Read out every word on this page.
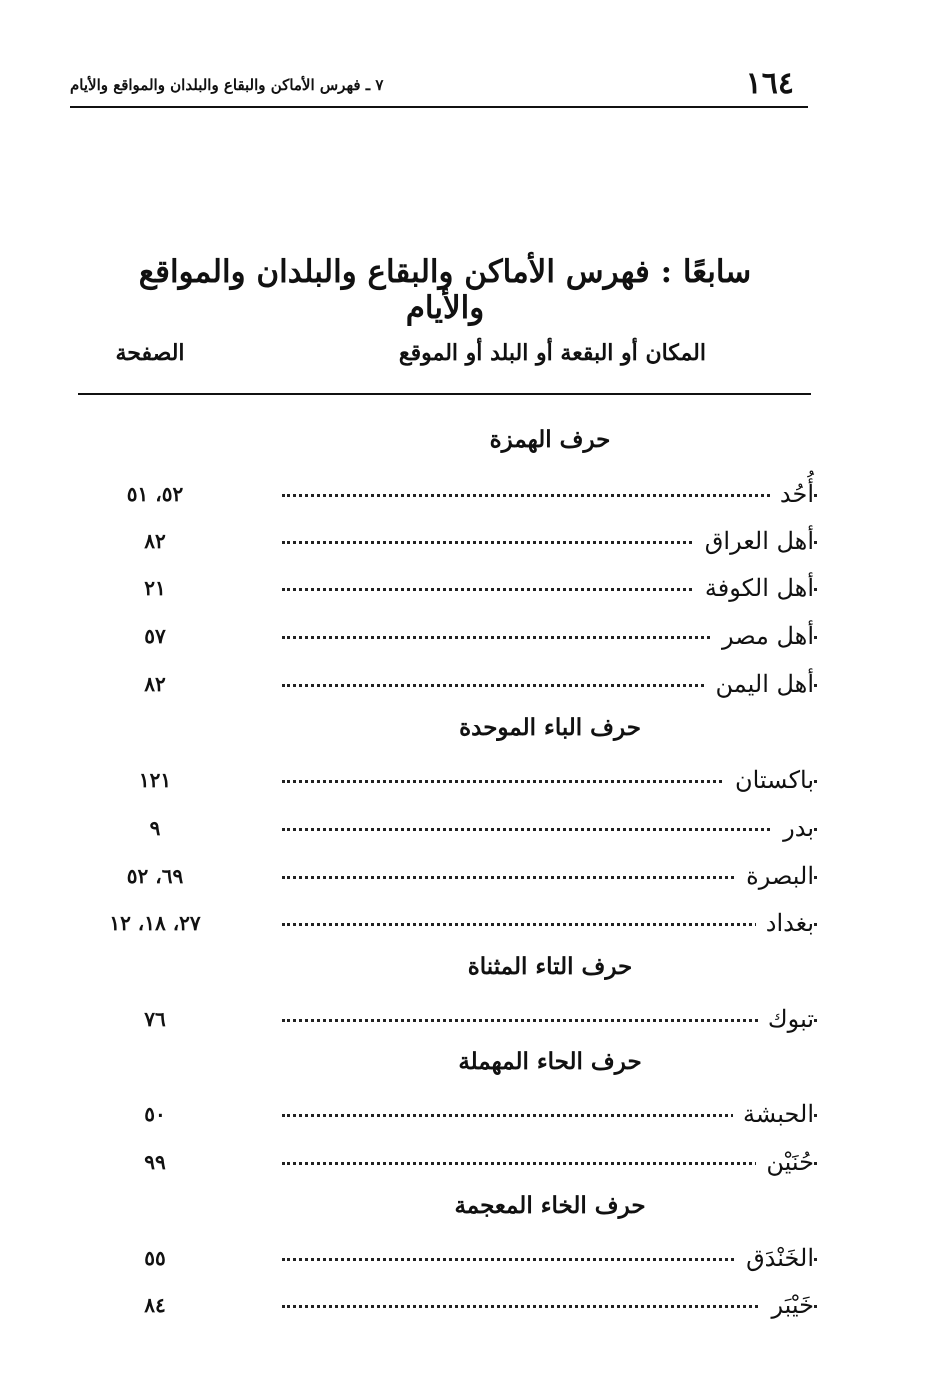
١٦٤
٧ ـ فهرس الأماكن والبقاع والبلدان والمواقع والأيام
سابعًا : فهرس الأماكن والبقاع والبلدان والمواقع والأيام
المكان أو البقعة أو البلد أو الموقع
الصفحة
حرف الهمزة
أُحُد
٥٢، ٥١
أهل العراق
٨٢
أهل الكوفة
٢١
أهل مصر
٥٧
أهل اليمن
٨٢
حرف الباء الموحدة
باكستان
١٢١
بدر
٩
البصرة
٦٩، ٥٢
بغداد
٢٧، ١٨، ١٢
حرف التاء المثناة
تبوك
٧٦
حرف الحاء المهملة
الحبشة
٥٠
حُنَيْن
٩٩
حرف الخاء المعجمة
الخَنْدَق
٥٥
خَيْبَر
٨٤
